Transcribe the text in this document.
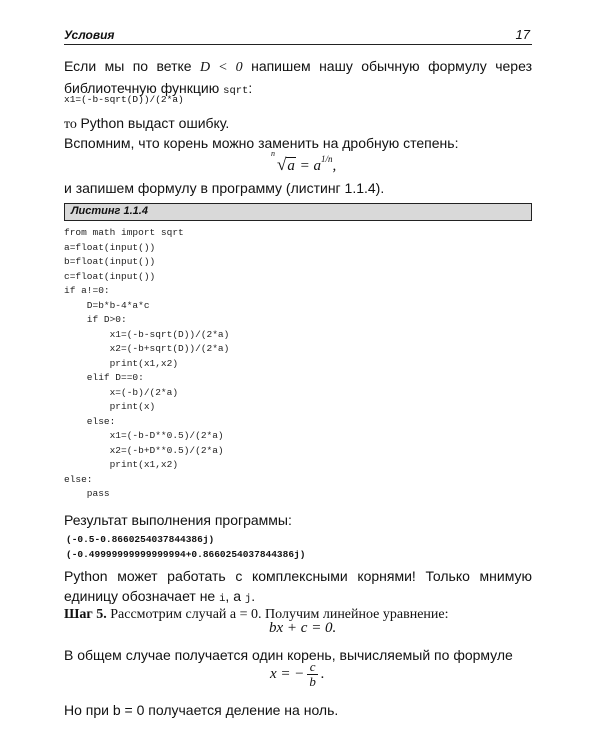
Условия	17
Если мы по ветке D < 0 напишем нашу обычную формулу через библиотечную функцию sqrt:
x1=(-b-sqrt(D))/(2*a)
то Python выдаст ошибку.
Вспомним, что корень можно заменить на дробную степень:
n
$√a = a^{1/n}$,
и запишем формулу в программу (листинг 1.1.4).
Листинг 1.1.4
from math import sqrt
a=float(input())
b=float(input())
c=float(input())
if a!=0:
D=b*b-4*a*c
if D>0:
x1=(-b-sqrt(D))/(2*a)
x2=(-b+sqrt(D))/(2*a)
print(x1,x2)
elif D==0:
x=(-b)/(2*a)
print(x)
else:
x1=(-b-D**0.5)/(2*a)
x2=(-b+D**0.5)/(2*a)
print(x1,x2)
else:
pass
Результат выполнения программы:
(-0.5-0.8660254037844386j)
(-0.49999999999999994+0.8660254037844386j)
Python может работать с комплексными корнями! Только мнимую единицу обозначает не i, а j.
Шаг 5. Рассмотрим случай a = 0. Получим линейное уравнение:
bx + c = 0.
В общем случае получается один корень, вычисляемый по формуле
x = − $\frac{c}{b}$ .
Но при b = 0 получается деление на ноль.
